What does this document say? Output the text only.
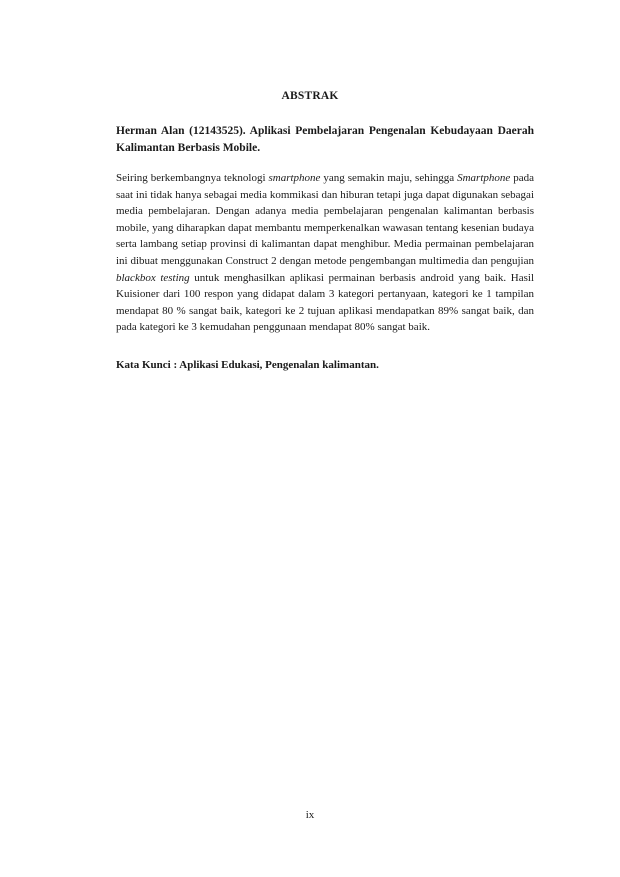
ABSTRAK
Herman Alan (12143525). Aplikasi Pembelajaran Pengenalan Kebudayaan Daerah Kalimantan Berbasis Mobile.

Seiring berkembangnya teknologi smartphone yang semakin maju, sehingga Smartphone pada saat ini tidak hanya sebagai media kommikasi dan hiburan tetapi juga dapat digunakan sebagai media pembelajaran. Dengan adanya media pembelajaran pengenalan kalimantan berbasis mobile, yang diharapkan dapat membantu memperkenalkan wawasan tentang kesenian budaya serta lambang setiap provinsi di kalimantan dapat menghibur. Media permainan pembelajaran ini dibuat menggunakan Construct 2 dengan metode pengembangan multimedia dan pengujian blackbox testing untuk menghasilkan aplikasi permainan berbasis android yang baik. Hasil Kuisioner dari 100 respon yang didapat dalam 3 kategori pertanyaan, kategori ke 1 tampilan mendapat 80 % sangat baik, kategori ke 2 tujuan aplikasi mendapatkan 89% sangat baik, dan pada kategori ke 3 kemudahan penggunaan mendapat 80% sangat baik.

Kata Kunci : Aplikasi Edukasi, Pengenalan kalimantan.
ix
